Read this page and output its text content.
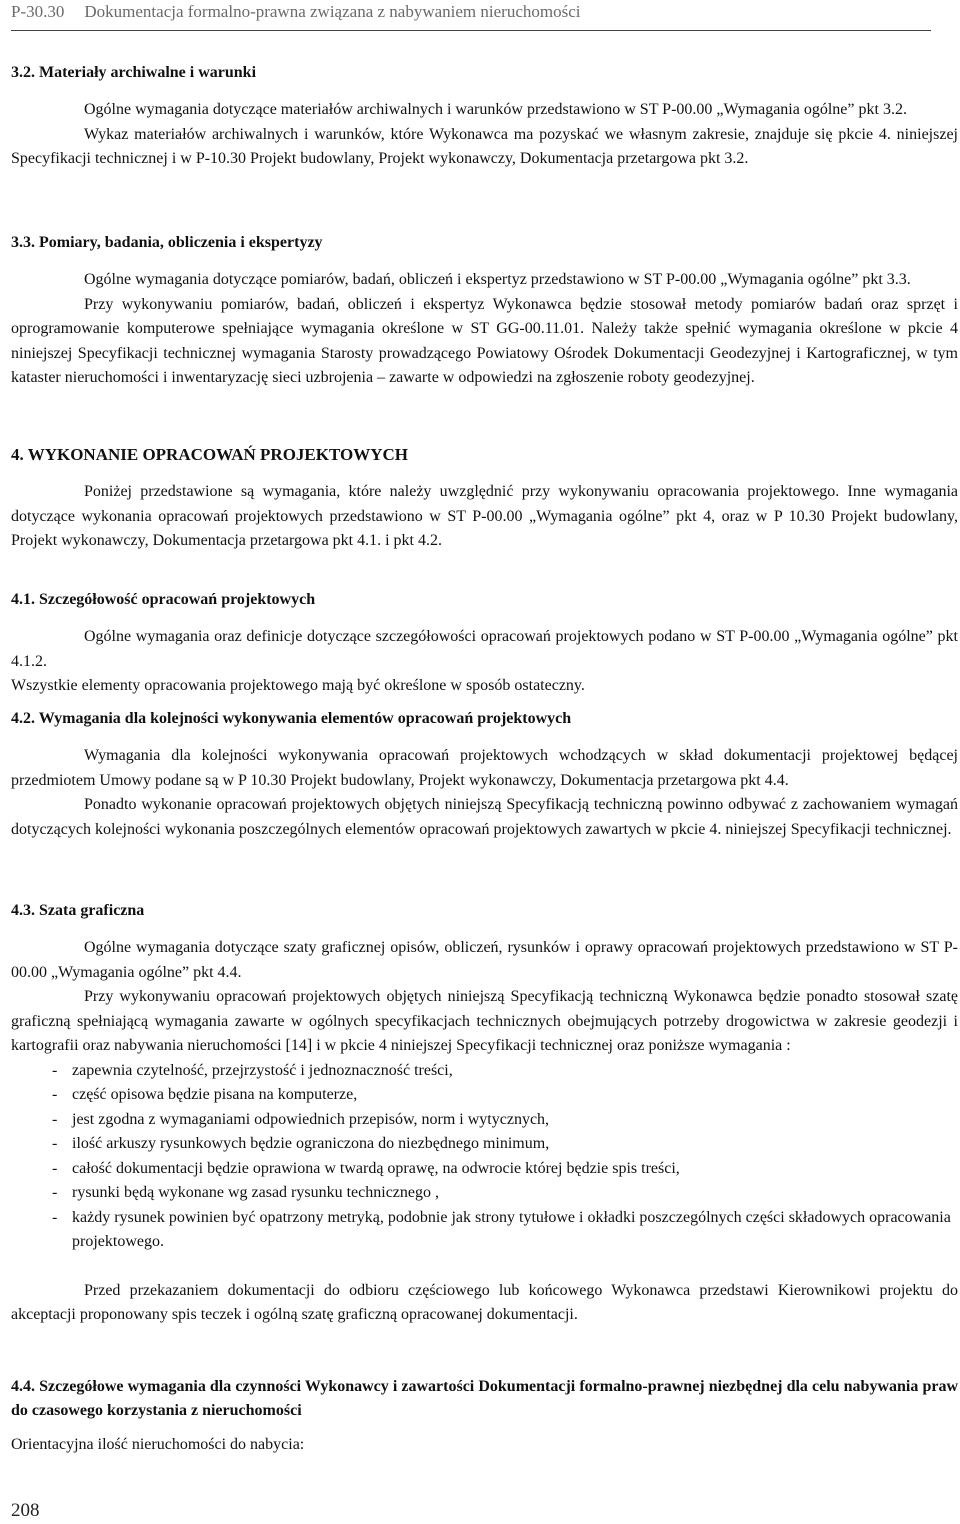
P-30.30 Dokumentacja formalno-prawna związana z nabywaniem nieruchomości

3.2. Materiały archiwalne i warunki

Ogólne wymagania dotyczące materiałów archiwalnych i warunków przedstawiono w ST P-00.00 „Wymagania ogólne” pkt 3.2.

Wykaz materiałów archiwalnych i warunków, które Wykonawca ma pozyskać we własnym zakresie, znajduje się pkcie 4. niniejszej Specyfikacji technicznej i w P-10.30 Projekt budowlany, Projekt wykonawczy, Dokumentacja przetargowa pkt 3.2.

3.3. Pomiary, badania, obliczenia i ekspertyzy

Ogólne wymagania dotyczące pomiarów, badań, obliczeń i ekspertyz przedstawiono w ST P-00.00 „Wymagania ogólne” pkt 3.3.

Przy wykonywaniu pomiarów, badań, obliczeń i ekspertyz Wykonawca będzie stosował metody pomiarów badań oraz sprzęt i oprogramowanie komputerowe spełniające wymagania określone w ST GG-00.11.01. Należy także spełnić wymagania określone w pkcie 4 niniejszej Specyfikacji technicznej wymagania Starosty prowadzącego Powiatowy Ośrodek Dokumentacji Geodezyjnej i Kartograficznej, w tym kataster nieruchomości i inwentaryzację sieci uzbrojenia – zawarte w odpowiedzi na zgłoszenie roboty geodezyjnej.

4. WYKONANIE OPRACOWAŃ PROJEKTOWYCH

Poniżej przedstawione są wymagania, które należy uwzględnić przy wykonywaniu opracowania projektowego. Inne wymagania dotyczące wykonania opracowań projektowych przedstawiono w ST P-00.00 „Wymagania ogólne” pkt 4, oraz w P 10.30 Projekt budowlany, Projekt wykonawczy, Dokumentacja przetargowa pkt 4.1. i pkt 4.2.

4.1. Szczegółowość opracowań projektowych

Ogólne wymagania oraz definicje dotyczące szczegółowości opracowań projektowych podano w ST P-00.00 „Wymagania ogólne” pkt 4.1.2.

Wszystkie elementy opracowania projektowego mają być określone w sposób ostateczny.

4.2. Wymagania dla kolejności wykonywania elementów opracowań projektowych

Wymagania dla kolejności wykonywania opracowań projektowych wchodzących w skład dokumentacji projektowej będącej przedmiotem Umowy podane są w P 10.30 Projekt budowlany, Projekt wykonawczy, Dokumentacja przetargowa pkt 4.4.

Ponadto wykonanie opracowań projektowych objętych niniejszą Specyfikacją techniczną powinno odbywać z zachowaniem wymagań dotyczących kolejności wykonania poszczególnych elementów opracowań projektowych zawartych w pkcie 4. niniejszej Specyfikacji technicznej.

4.3. Szata graficzna

Ogólne wymagania dotyczące szaty graficznej opisów, obliczeń, rysunków i oprawy opracowań projektowych przedstawiono w ST P-00.00 „Wymagania ogólne” pkt 4.4.

Przy wykonywaniu opracowań projektowych objętych niniejszą Specyfikacją techniczną Wykonawca będzie ponadto stosował szatę graficzną spełniającą wymagania zawarte w ogólnych specyfikacjach technicznych obejmujących potrzeby drogowictwa w zakresie geodezji i kartografii oraz nabywania nieruchomości [14] i w pkcie 4 niniejszej Specyfikacji technicznej oraz poniższe wymagania :

- zapewnia czytelność, przejrzystość i jednoznaczność treści,
- część opisowa będzie pisana na komputerze,
- jest zgodna z wymaganiami odpowiednich przepisów, norm i wytycznych,
- ilość arkuszy rysunkowych będzie ograniczona do niezbędnego minimum,
- całość dokumentacji będzie oprawiona w twardą oprawę, na odwrocie której będzie spis treści,
- rysunki będą wykonane wg zasad rysunku technicznego ,
- każdy rysunek powinien być opatrzony metryką, podobnie jak strony tytułowe i okładki poszczególnych części składowych opracowania projektowego.

Przed przekazaniem dokumentacji do odbioru częściowego lub końcowego Wykonawca przedstawi Kierownikowi projektu do akceptacji proponowany spis teczek i ogólną szatę graficzną opracowanej dokumentacji.

4.4. Szczegółowe wymagania dla czynności Wykonawcy i zawartości Dokumentacji formalno-prawnej niezbędnej dla celu nabywania praw do czasowego korzystania z nieruchomości

Orientacyjna ilość nieruchomości do nabycia:

208
